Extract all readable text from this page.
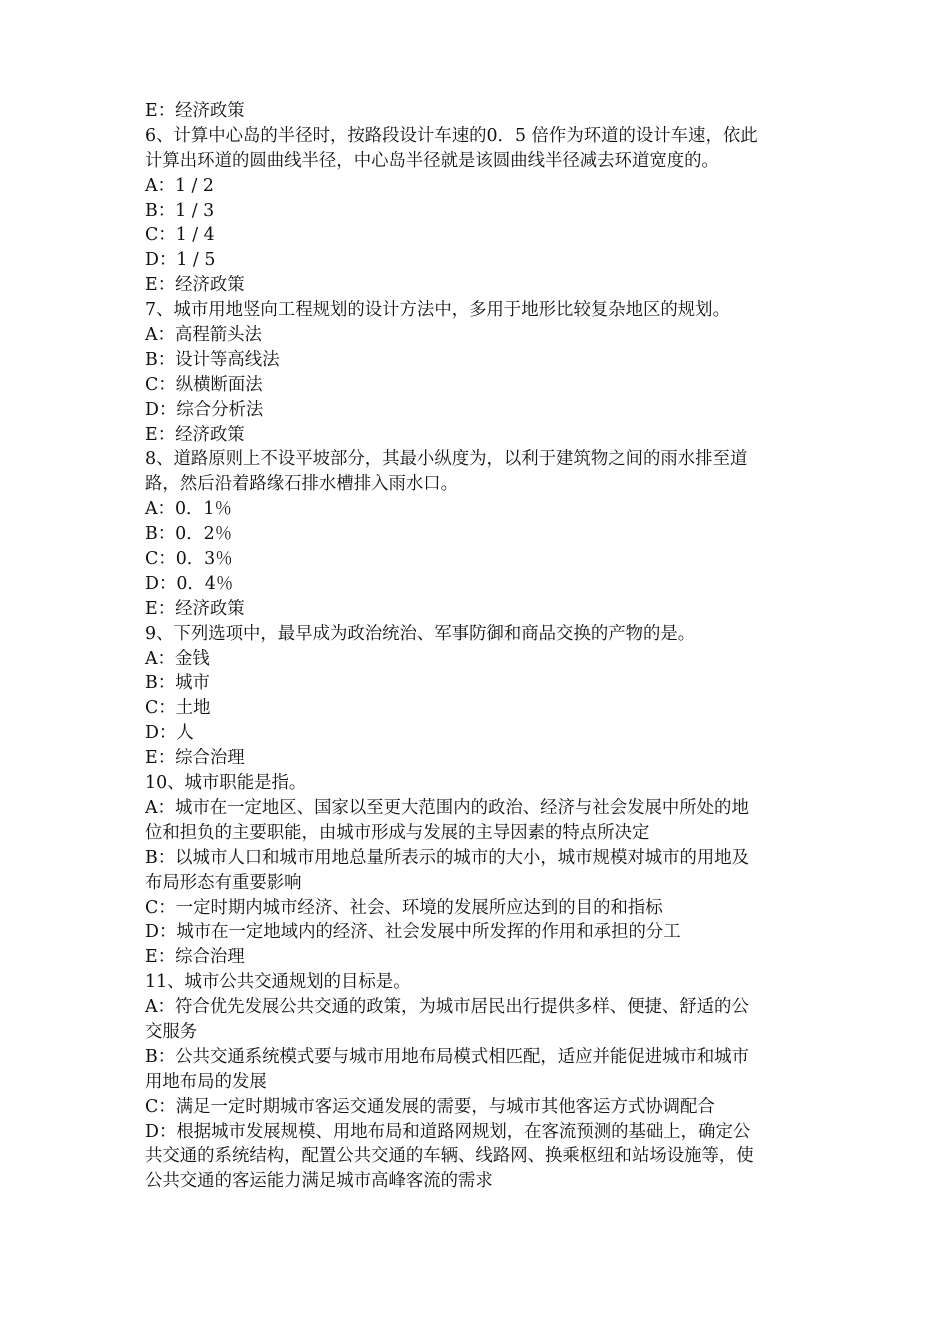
E：经济政策
6、计算中心岛的半径时，按路段设计车速的0．5 倍作为环道的设计车速，依此
计算出环道的圆曲线半径，中心岛半径就是该圆曲线半径减去环道宽度的。
A：1 / 2
B：1 / 3
C：1 / 4
D：1 / 5
E：经济政策
7、城市用地竖向工程规划的设计方法中，多用于地形比较复杂地区的规划。
A：高程箭头法
B：设计等高线法
C：纵横断面法
D：综合分析法
E：经济政策
8、道路原则上不设平坡部分，其最小纵度为，以利于建筑物之间的雨水排至道
路，然后沿着路缘石排水槽排入雨水口。
A：0．1％
B：0．2％
C：0．3％
D：0．4％
E：经济政策
9、下列选项中，最早成为政治统治、军事防御和商品交换的产物的是。
A：金钱
B：城市
C：土地
D：人
E：综合治理
10、城市职能是指。
A：城市在一定地区、国家以至更大范围内的政治、经济与社会发展中所处的地
位和担负的主要职能，由城市形成与发展的主导因素的特点所决定
B：以城市人口和城市用地总量所表示的城市的大小，城市规模对城市的用地及
布局形态有重要影响
C：一定时期内城市经济、社会、环境的发展所应达到的目的和指标
D：城市在一定地域内的经济、社会发展中所发挥的作用和承担的分工
E：综合治理
11、城市公共交通规划的目标是。
A：符合优先发展公共交通的政策，为城市居民出行提供多样、便捷、舒适的公
交服务
B：公共交通系统模式要与城市用地布局模式相匹配，适应并能促进城市和城市
用地布局的发展
C：满足一定时期城市客运交通发展的需要，与城市其他客运方式协调配合
D：根据城市发展规模、用地布局和道路网规划，在客流预测的基础上，确定公
共交通的系统结构，配置公共交通的车辆、线路网、换乘枢纽和站场设施等，使
公共交通的客运能力满足城市高峰客流的需求
